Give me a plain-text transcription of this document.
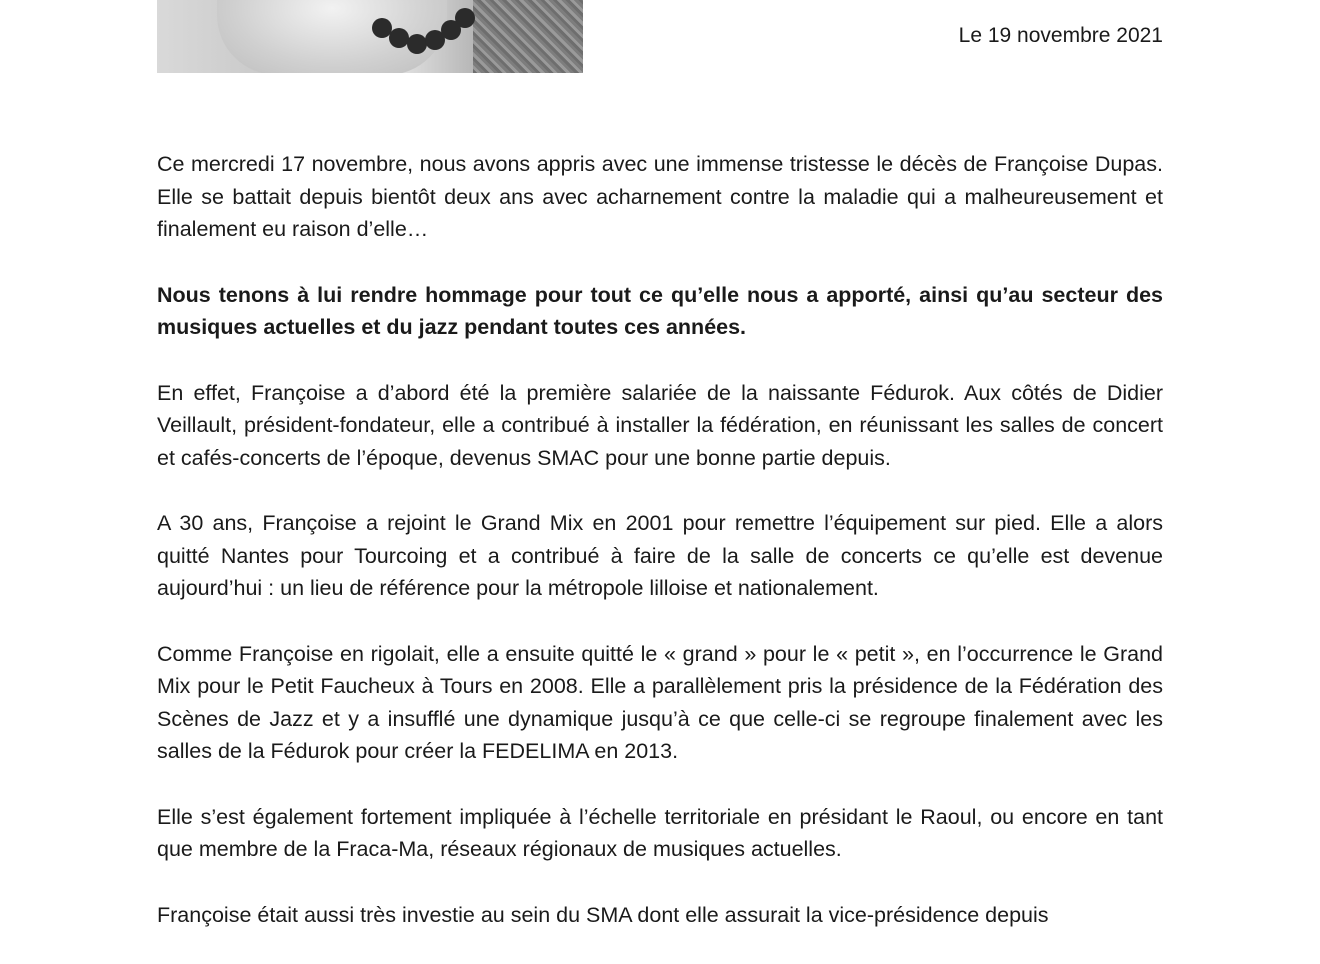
Le 19 novembre 2021

Ce mercredi 17 novembre, nous avons appris avec une immense tristesse le décès de Françoise Dupas. Elle se battait depuis bientôt deux ans avec acharnement contre la maladie qui a malheureusement et finalement eu raison d’elle…

Nous tenons à lui rendre hommage pour tout ce qu’elle nous a apporté, ainsi qu’au secteur des musiques actuelles et du jazz pendant toutes ces années.

En effet, Françoise a d’abord été la première salariée de la naissante Fédurok. Aux côtés de Didier Veillault, président-fondateur, elle a contribué à installer la fédération, en réunissant les salles de concert et cafés-concerts de l’époque, devenus SMAC pour une bonne partie depuis.

A 30 ans, Françoise a rejoint le Grand Mix en 2001 pour remettre l’équipement sur pied. Elle a alors quitté Nantes pour Tourcoing et a contribué à faire de la salle de concerts ce qu’elle est devenue aujourd’hui : un lieu de référence pour la métropole lilloise et nationalement.

Comme Françoise en rigolait, elle a ensuite quitté le « grand » pour le « petit », en l’occurrence le Grand Mix pour le Petit Faucheux à Tours en 2008. Elle a parallèlement pris la présidence de la Fédération des Scènes de Jazz et y a insufflé une dynamique jusqu’à ce que celle-ci se regroupe finalement avec les salles de la Fédurok pour créer la FEDELIMA en 2013.

Elle s’est également fortement impliquée à l’échelle territoriale en présidant le Raoul, ou encore en tant que membre de la Fraca-Ma, réseaux régionaux de musiques actuelles.

Françoise était aussi très investie au sein du SMA dont elle assurait la vice-présidence depuis
